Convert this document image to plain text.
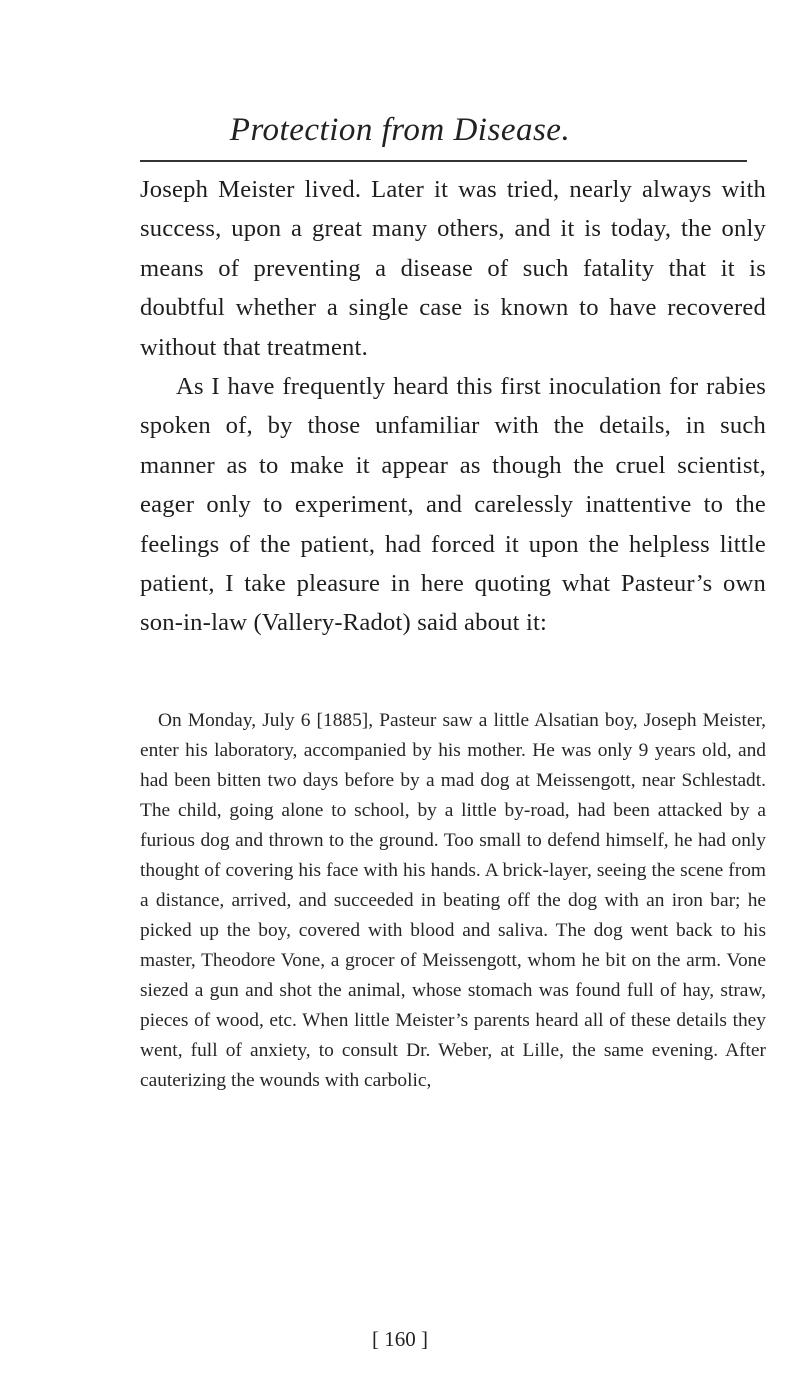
Protection from Disease.

Joseph Meister lived. Later it was tried, nearly always with success, upon a great many others, and it is today, the only means of preventing a disease of such fatality that it is doubtful whether a single case is known to have recovered without that treatment.

As I have frequently heard this first inoculation for rabies spoken of, by those unfamiliar with the details, in such manner as to make it appear as though the cruel scientist, eager only to experiment, and carelessly inattentive to the feelings of the patient, had forced it upon the helpless little patient, I take pleasure in here quoting what Pasteur’s own son-in-law (Vallery-Radot) said about it:

On Monday, July 6 [1885], Pasteur saw a little Alsatian boy, Joseph Meister, enter his laboratory, accompanied by his mother. He was only 9 years old, and had been bitten two days before by a mad dog at Meissengott, near Schlestadt. The child, going alone to school, by a little by-road, had been attacked by a furious dog and thrown to the ground. Too small to defend himself, he had only thought of covering his face with his hands. A brick-layer, seeing the scene from a distance, arrived, and succeeded in beating off the dog with an iron bar; he picked up the boy, covered with blood and saliva. The dog went back to his master, Theodore Vone, a grocer of Meissengott, whom he bit on the arm. Vone siezed a gun and shot the animal, whose stomach was found full of hay, straw, pieces of wood, etc. When little Meister’s parents heard all of these details they went, full of anxiety, to consult Dr. Weber, at Lille, the same evening. After cauterizing the wounds with carbolic,

[ 160 ]
